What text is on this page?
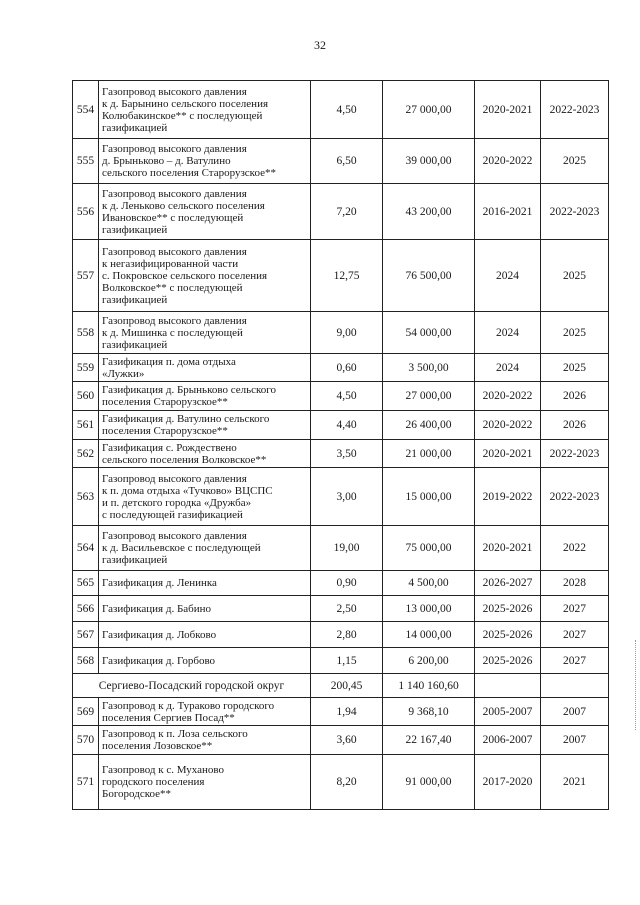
32
554	Газопровод высокого давления
к д. Барынино сельского поселения
Колюбакинское** с последующей
газификацией	4,50	27 000,00	2020-2021	2022-2023
555	Газопровод высокого давления
д. Брыньково – д. Ватулино
сельского поселения Старорузское**	6,50	39 000,00	2020-2022	2025
556	Газопровод высокого давления
к д. Леньково сельского поселения
Ивановское** с последующей
газификацией	7,20	43 200,00	2016-2021	2022-2023
557	Газопровод высокого давления
к негазифицированной части
с. Покровское сельского поселения
Волковское** с последующей
газификацией	12,75	76 500,00	2024	2025
558	Газопровод высокого давления
к д. Мишинка с последующей
газификацией	9,00	54 000,00	2024	2025
559	Газификация п. дома отдыха
«Лужки»	0,60	3 500,00	2024	2025
560	Газификация д. Брыньково сельского
поселения Старорузское**	4,50	27 000,00	2020-2022	2026
561	Газификация д. Ватулино сельского
поселения Старорузское**	4,40	26 400,00	2020-2022	2026
562	Газификация с. Рождествено
сельского поселения Волковское**	3,50	21 000,00	2020-2021	2022-2023
563	Газопровод высокого давления
к п. дома отдыха «Тучково» ВЦСПС
и п. детского городка «Дружба»
с последующей газификацией	3,00	15 000,00	2019-2022	2022-2023
564	Газопровод высокого давления
к д. Васильевское с последующей
газификацией	19,00	75 000,00	2020-2021	2022
565	Газификация д. Ленинка	0,90	4 500,00	2026-2027	2028
566	Газификация д. Бабино	2,50	13 000,00	2025-2026	2027
567	Газификация д. Лобково	2,80	14 000,00	2025-2026	2027
568	Газификация д. Горбово	1,15	6 200,00	2025-2026	2027
Сергиево-Посадский городской округ		200,45	1 140 160,60		
569	Газопровод к д. Тураково городского
поселения Сергиев Посад**	1,94	9 368,10	2005-2007	2007
570	Газопровод к п. Лоза сельского
поселения Лозовское**	3,60	22 167,40	2006-2007	2007
571	Газопровод к с. Муханово
городского поселения
Богородское**	8,20	91 000,00	2017-2020	2021
